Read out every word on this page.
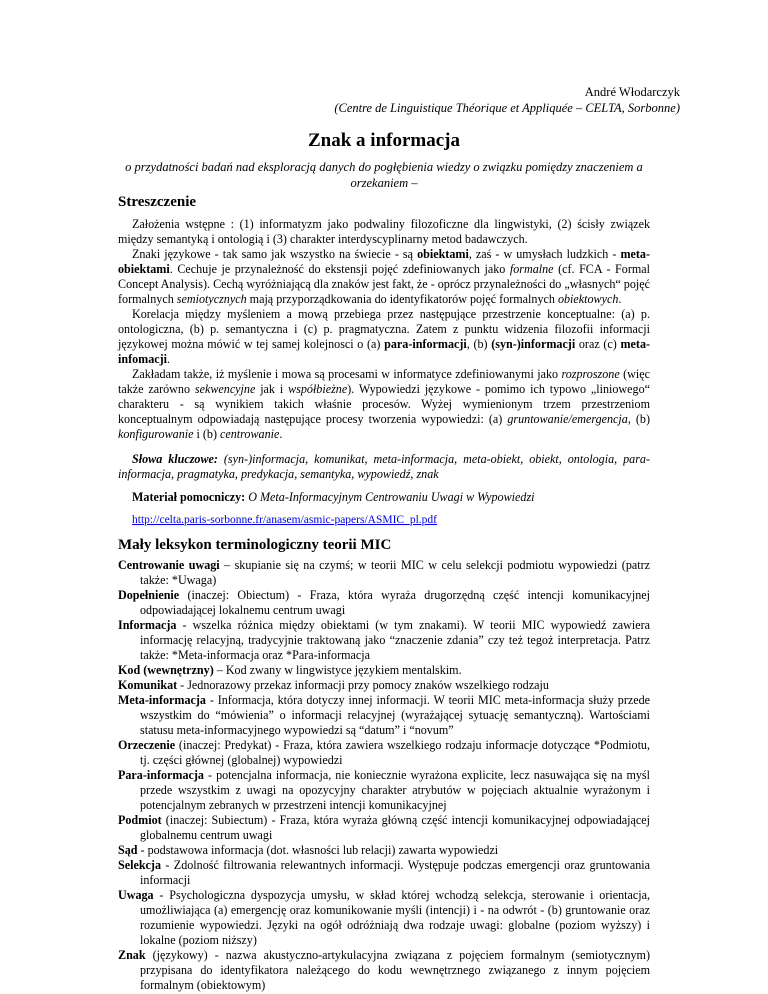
André Włodarczyk
(Centre de Linguistique Théorique et Appliquée – CELTA, Sorbonne)
Znak a informacja
o przydatności badań nad eksploracją danych do pogłębienia wiedzy o związku pomiędzy znaczeniem a orzekaniem –
Streszczenie

Założenia wstępne : (1) informatyzm jako podwaliny filozoficzne dla lingwistyki, (2) ścisły związek między semantyką i ontologią i (3) charakter interdyscyplinarny metod badawczych.

Znaki językowe - tak samo jak wszystko na świecie - są obiektami, zaś - w umysłach ludzkich - meta-obiektami. Cechuje je przynależność do ekstensji pojęć zdefiniowanych jako formalne (cf. FCA - Formal Concept Analysis). Cechą wyróżniającą dla znaków jest fakt, że - oprócz przynależności do „własnych“ pojęć formalnych semiotycznych mają przyporządkowania do identyfikatorów pojęć formalnych obiektowych.

Korelacja między myśleniem a mową przebiega przez następujące przestrzenie konceptualne: (a) p. ontologiczna, (b) p. semantyczna i (c) p. pragmatyczna. Zatem z punktu widzenia filozofii informacji językowej można mówić w tej samej kolejnosci o (a) para-informacji, (b) (syn-)informacji oraz (c) meta-infomacji.

Zakładam także, iż myślenie i mowa są procesami w informatyce zdefiniowanymi jako rozproszone (więc także zarówno sekwencyjne jak i współbieżne). Wypowiedzi językowe - pomimo ich typowo „liniowego“ charakteru - są wynikiem takich właśnie procesów. Wyżej wymienionym trzem przestrzeniom konceptualnym odpowiadają następujące procesy tworzenia wypowiedzi: (a) gruntowanie/emergencja, (b) konfigurowanie i (b) centrowanie.

Słowa kluczowe: (syn-)informacja, komunikat, meta-informacja, meta-obiekt, obiekt, ontologia, para-informacja, pragmatyka, predykacja, semantyka, wypowiedź, znak

Materiał pomocniczy: O Meta-Informacyjnym Centrowaniu Uwagi w Wypowiedzi

http://celta.paris-sorbonne.fr/anasem/asmic-papers/ASMIC_pl.pdf
Mały leksykon terminologiczny teorii MIC

Centrowanie uwagi – skupianie się na czymś; w teorii MIC w celu selekcji podmiotu wypowiedzi (patrz także: *Uwaga)

Dopełnienie (inaczej: Obiectum) - Fraza, która wyraża drugorzędną część intencji komunikacyjnej odpowiadającej lokalnemu centrum uwagi

Informacja - wszelka różnica między obiektami (w tym znakami). W teorii MIC wypowiedź zawiera informację relacyjną, tradycyjnie traktowaną jako “znaczenie zdania” czy też tegoż interpretacja. Patrz także: *Meta-informacja oraz *Para-informacja

Kod (wewnętrzny) – Kod zwany w lingwistyce językiem mentalskim.

Komunikat - Jednorazowy przekaz informacji przy pomocy znaków wszelkiego rodzaju

Meta-informacja - Informacja, która dotyczy innej informacji. W teorii MIC meta-informacja służy przede wszystkim do “mówienia” o informacji relacyjnej (wyrażającej sytuację semantyczną). Wartościami statusu meta-informacyjnego wypowiedzi są “datum” i “novum”

Orzeczenie (inaczej: Predykat) - Fraza, która zawiera wszelkiego rodzaju informacje dotyczące *Podmiotu, tj. części głównej (globalnej) wypowiedzi

Para-informacja - potencjalna informacja, nie koniecznie wyrażona explicite, lecz nasuwająca się na myśl przede wszystkim z uwagi na opozycyjny charakter atrybutów w pojęciach aktualnie wyrażonym i potencjalnym zebranych w przestrzeni intencji komunikacyjnej

Podmiot (inaczej: Subiectum) - Fraza, która wyraża główną część intencji komunikacyjnej odpowiadającej globalnemu centrum uwagi

Sąd - podstawowa informacja (dot. własności lub relacji) zawarta wypowiedzi

Selekcja - Zdolność filtrowania relewantnych informacji. Występuje podczas emergencji oraz gruntowania informacji

Uwaga - Psychologiczna dyspozycja umysłu, w skład której wchodzą selekcja, sterowanie i orientacja, umożliwiająca (a) emergencję oraz komunikowanie myśli (intencji) i - na odwrót - (b) gruntowanie oraz rozumienie wypowiedzi. Języki na ogół odróżniają dwa rodzaje uwagi: globalne (poziom wyższy) i lokalne (poziom niższy)

Znak (językowy) - nazwa akustyczno-artykulacyjna związana z pojęciem formalnym (semiotycznym) przypisana do identyfikatora należącego do kodu wewnętrznego związanego z innym pojęciem formalnym (obiektowym)
